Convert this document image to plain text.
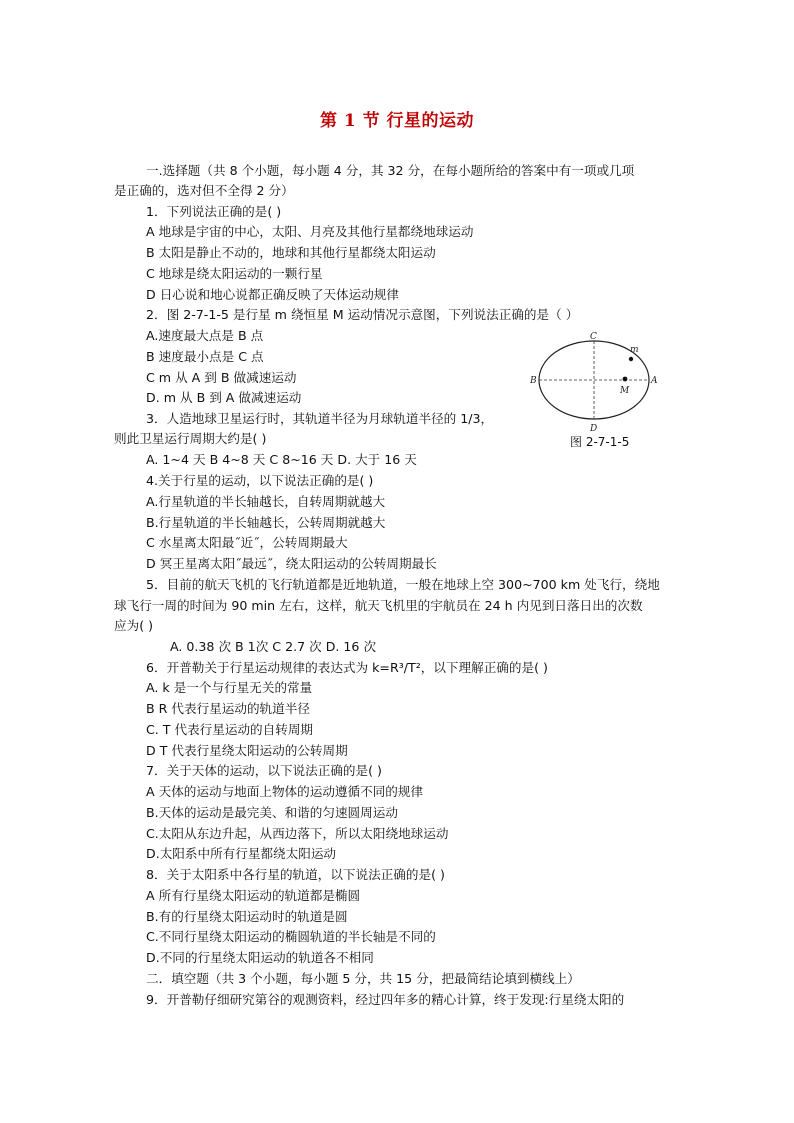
第 1 节 行星的运动
一.选择题（共 8 个小题，每小题 4 分，其 32 分，在每小题所给的答案中有一项或几项
是正确的，选对但不全得 2 分）
1．下列说法正确的是( )
A 地球是宇宙的中心，太阳、月亮及其他行星都绕地球运动
B 太阳是静止不动的，地球和其他行星都绕太阳运动
C 地球是绕太阳运动的一颗行星
D 日心说和地心说都正确反映了天体运动规律
2．图 2-7-1-5 是行星 m 绕恒星 M 运动情况示意图，下列说法正确的是（ ）
A.速度最大点是 B 点
B 速度最小点是 C 点
C m 从 A 到 B 做减速运动
D. m 从 B 到 A 做减速运动
3．人造地球卫星运行时，其轨道半径为月球轨道半径的 1/3，
则此卫星运行周期大约是( )
A. 1~4 天 B 4~8 天 C 8~16 天 D. 大于 16 天
4.关于行星的运动，以下说法正确的是( )
A.行星轨道的半长轴越长，自转周期就越大
B.行星轨道的半长轴越长，公转周期就越大
C 水星离太阳最˝近˝，公转周期最大
D 冥王星离太阳˝最远˝，绕太阳运动的公转周期最长
5．目前的航天飞机的飞行轨道都是近地轨道，一般在地球上空 300~700 km 处飞行，绕地
球飞行一周的时间为 90 min 左右，这样，航天飞机里的宇航员在 24 h 内见到日落日出的次数
应为( )
A. 0.38 次 B 1次 C 2.7 次 D. 16 次
6．开普勒关于行星运动规律的表达式为 k=R³/T²，以下理解正确的是( )
A. k 是一个与行星无关的常量
B R 代表行星运动的轨道半径
C. T 代表行星运动的自转周期
D T 代表行星绕太阳运动的公转周期
7．关于天体的运动，以下说法正确的是( )
A 天体的运动与地面上物体的运动遵循不同的规律
B.天体的运动是最完美、和谐的匀速圆周运动
C.太阳从东边升起，从西边落下，所以太阳绕地球运动
D.太阳系中所有行星都绕太阳运动
8．关于太阳系中各行星的轨道，以下说法正确的是( )
A 所有行星绕太阳运动的轨道都是椭圆
B.有的行星绕太阳运动时的轨道是圆
C.不同行星绕太阳运动的椭圆轨道的半长轴是不同的
D.不同的行星绕太阳运动的轨道各不相同
二．填空题（共 3 个小题，每小题 5 分，共 15 分，把最简结论填到横线上）
9．开普勒仔细研究第谷的观测资料，经过四年多的精心计算，终于发现:行星绕太阳的
C
D
B	A
m
M
图 2-7-1-5
